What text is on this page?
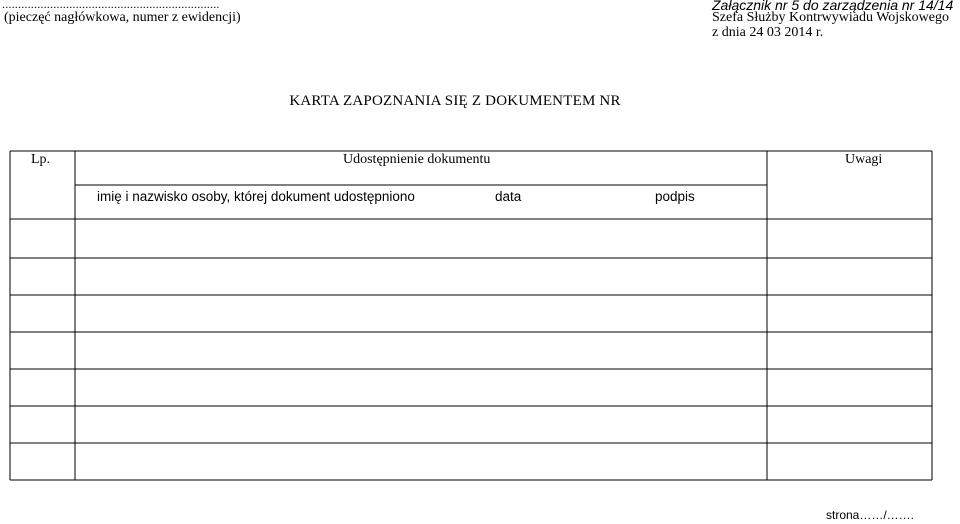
....................................................................
(pieczęć nagłówkowa, numer z ewidencji)
Załącznik nr 5 do zarządzenia nr 14/14
Szefa Służby Kontrwywiadu Wojskowego
z dnia 24 03 2014 r.
KARTA ZAPOZNANIA SIĘ Z DOKUMENTEM NR
Lp.	Udostępnienie dokumentu	Uwagi
imię i nazwisko osoby, której dokument udostępniono	data	podpis
strona……/…….
